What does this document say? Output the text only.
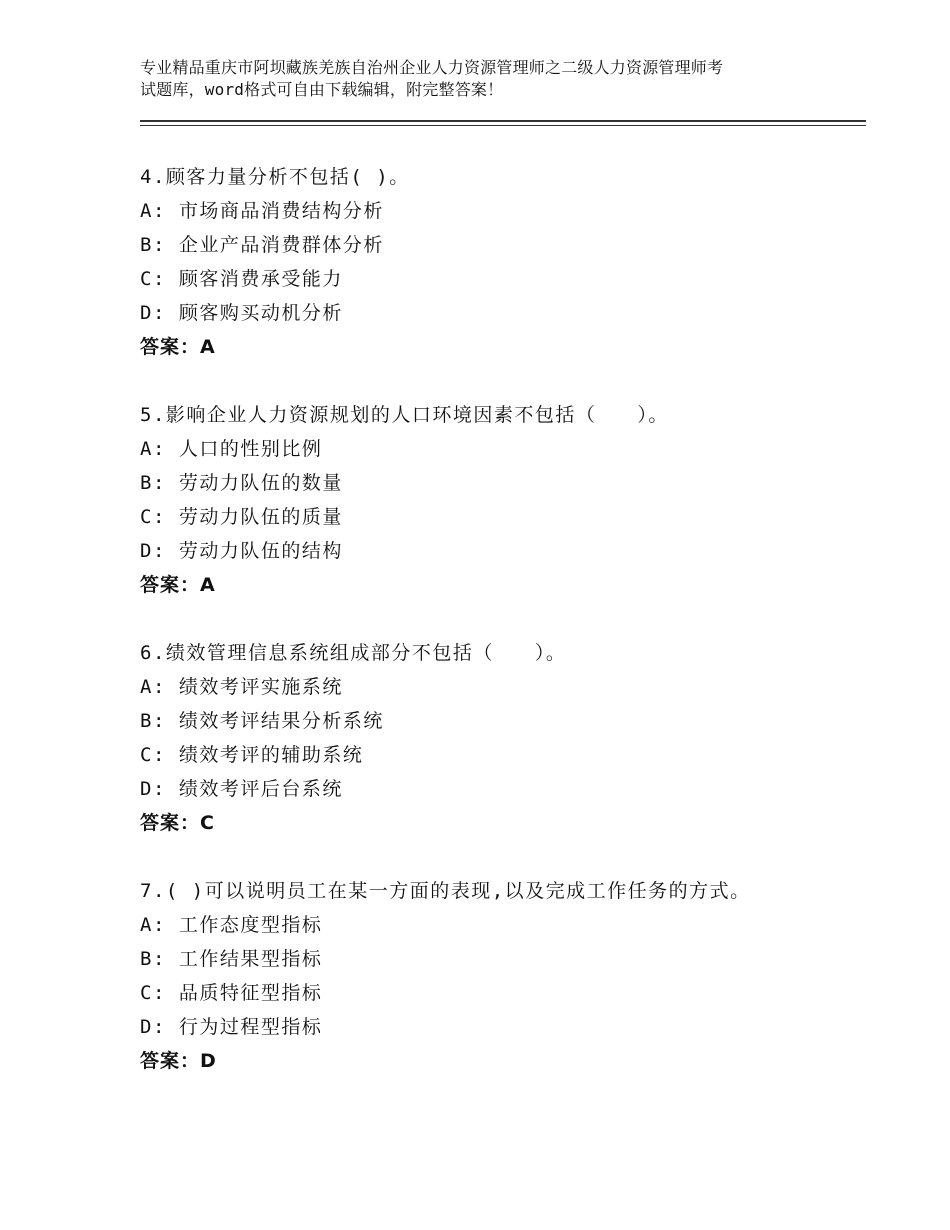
专业精品重庆市阿坝藏族羌族自治州企业人力资源管理师之二级人力资源管理师考
试题库，word格式可自由下载编辑，附完整答案！
4.顾客力量分析不包括( )。
A: 市场商品消费结构分析
B: 企业产品消费群体分析
C: 顾客消费承受能力
D: 顾客购买动机分析
答案：A
5.影响企业人力资源规划的人口环境因素不包括（　　）。
A: 人口的性别比例
B: 劳动力队伍的数量
C: 劳动力队伍的质量
D: 劳动力队伍的结构
答案：A
6.绩效管理信息系统组成部分不包括（　　）。
A: 绩效考评实施系统
B: 绩效考评结果分析系统
C: 绩效考评的辅助系统
D: 绩效考评后台系统
答案：C
7.( )可以说明员工在某一方面的表现,以及完成工作任务的方式。
A: 工作态度型指标
B: 工作结果型指标
C: 品质特征型指标
D: 行为过程型指标
答案：D
